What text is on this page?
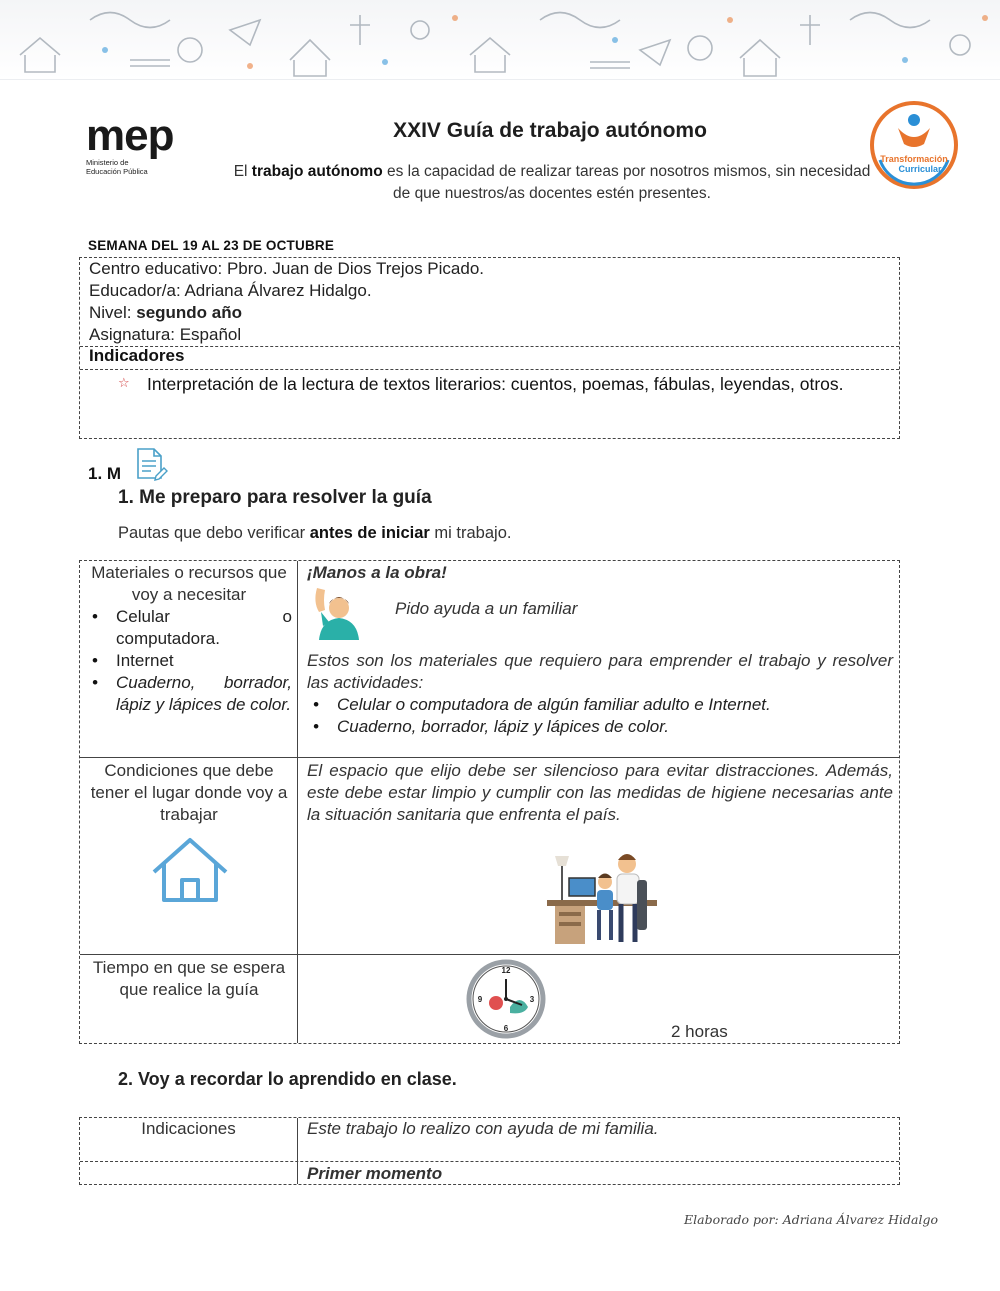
mep
Ministerio de
Educación Pública
Transformación
Curricular
XXIV Guía de trabajo autónomo
El trabajo autónomo es la capacidad de realizar tareas por nosotros mismos, sin necesidad de que nuestros/as docentes estén presentes.
SEMANA DEL 19 AL 23 DE OCTUBRE
Centro educativo: Pbro. Juan de Dios Trejos Picado.
Educador/a: Adriana Álvarez Hidalgo.
Nivel: segundo año
Asignatura: Español
Indicadores
☆ Interpretación de la lectura de textos literarios: cuentos, poemas, fábulas, leyendas, otros.
1. M
1. Me preparo para resolver la guía
Pautas que debo verificar antes de iniciar mi trabajo.
Materiales o recursos que voy a necesitar
• Celular o computadora.
• Internet
• Cuaderno, borrador, lápiz y lápices de color.
¡Manos a la obra!
Pido ayuda a un familiar
Estos son los materiales que requiero para emprender el trabajo y resolver las actividades:
• Celular o computadora de algún familiar adulto e Internet.
• Cuaderno, borrador, lápiz y lápices de color.
Condiciones que debe tener el lugar donde voy a trabajar
El espacio que elijo debe ser silencioso para evitar distracciones. Además, este debe estar limpio y cumplir con las medidas de higiene necesarias ante la situación sanitaria que enfrenta el país.
Tiempo en que se espera que realice la guía
12
3
6
9
2 horas
2. Voy a recordar lo aprendido en clase.
Indicaciones	Este trabajo lo realizo con ayuda de mi familia.
Primer momento
Elaborado por: Adriana Álvarez Hidalgo
